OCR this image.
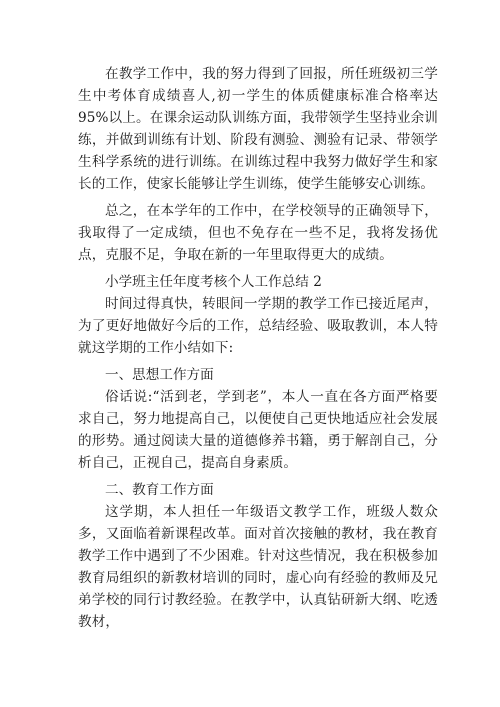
在教学工作中，我的努力得到了回报，所任班级初三学生中考体育成绩喜人,初一学生的体质健康标准合格率达95%以上。在课余运动队训练方面，我带领学生坚持业余训练，并做到训练有计划、阶段有测验、测验有记录、带领学生科学系统的进行训练。在训练过程中我努力做好学生和家长的工作，使家长能够让学生训练，使学生能够安心训练。

总之，在本学年的工作中，在学校领导的正确领导下，我取得了一定成绩，但也不免存在一些不足，我将发扬优点，克服不足，争取在新的一年里取得更大的成绩。

小学班主任年度考核个人工作总结 2

时间过得真快，转眼间一学期的教学工作已接近尾声，为了更好地做好今后的工作，总结经验、吸取教训，本人特就这学期的工作小结如下:

一、思想工作方面

俗话说:“活到老，学到老”，本人一直在各方面严格要求自己，努力地提高自己，以便使自己更快地适应社会发展的形势。通过阅读大量的道德修养书籍，勇于解剖自己，分析自己，正视自己，提高自身素质。

二、教育工作方面

这学期，本人担任一年级语文教学工作，班级人数众多，又面临着新课程改革。面对首次接触的教材，我在教育教学工作中遇到了不少困难。针对这些情况，我在积极参加教育局组织的新教材培训的同时，虚心向有经验的教师及兄弟学校的同行讨教经验。在教学中，认真钻研新大纲、吃透教材，
